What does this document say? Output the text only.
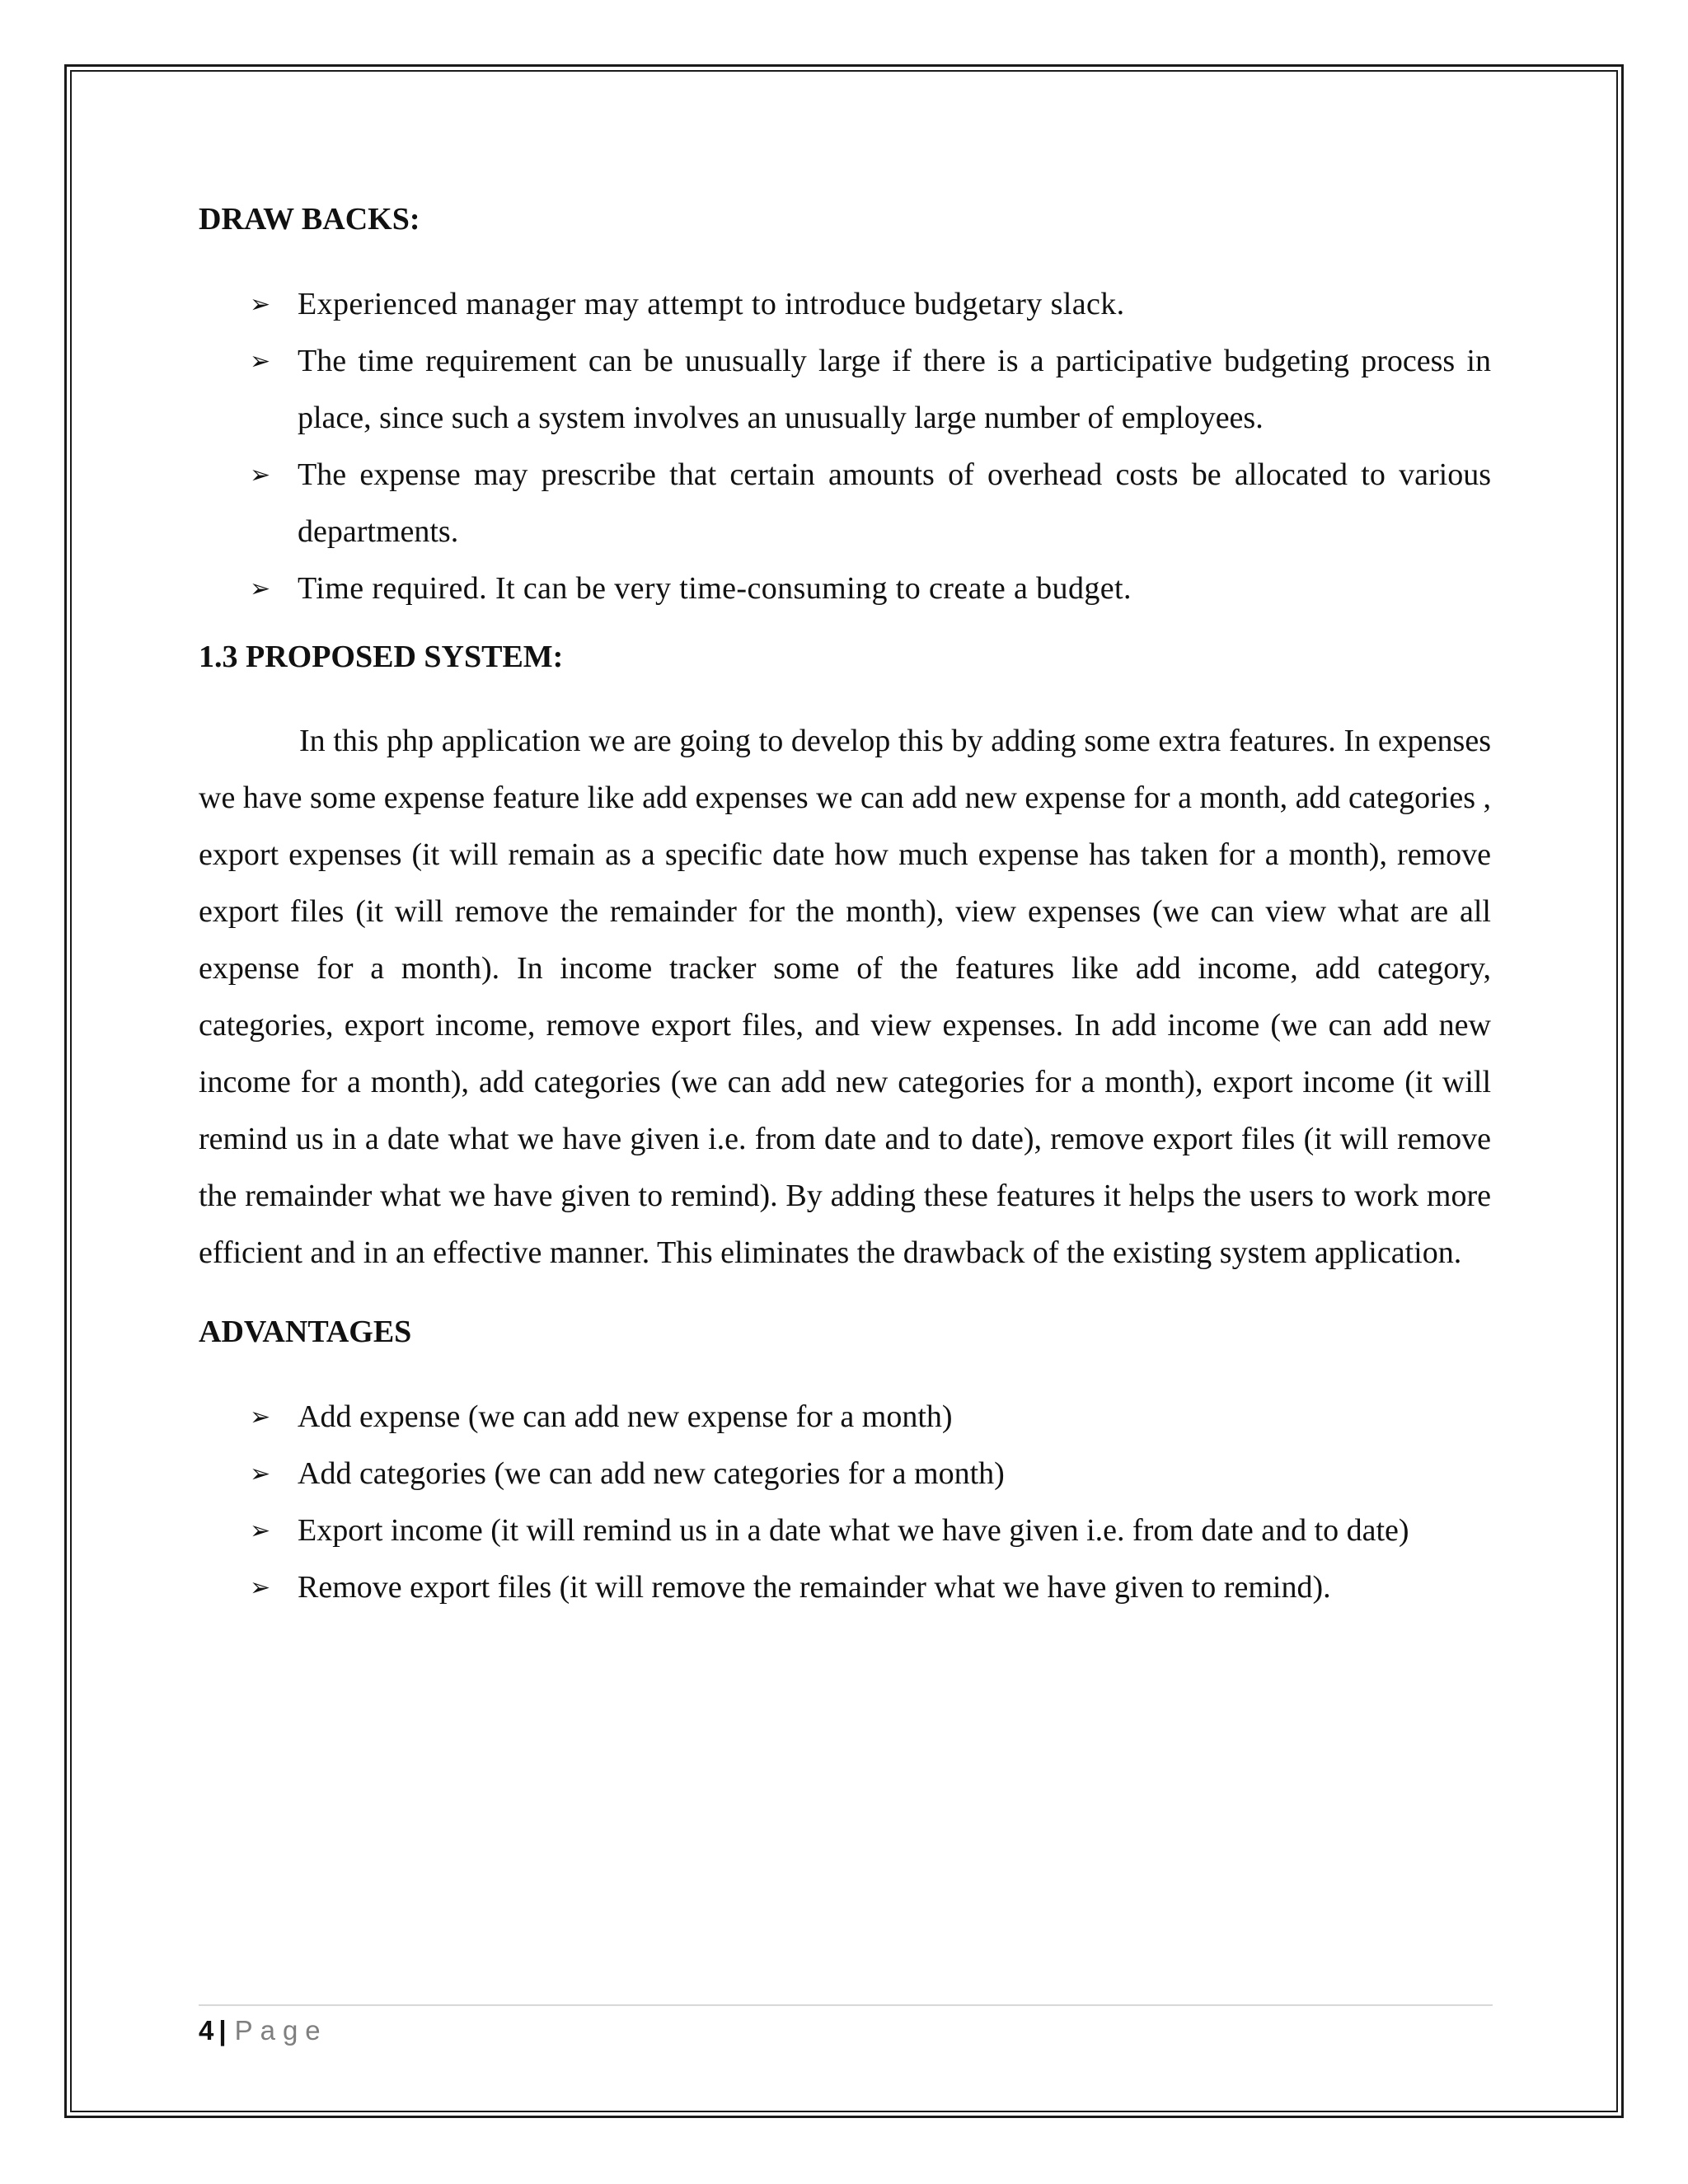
DRAW BACKS:
➢ Experienced manager may attempt to introduce budgetary slack.
➢ The time requirement can be unusually large if there is a participative budgeting process in place, since such a system involves an unusually large number of employees.
➢ The expense may prescribe that certain amounts of overhead costs be allocated to various departments.
➢ Time required. It can be very time-consuming to create a budget.
1.3 PROPOSED SYSTEM:

In this php application we are going to develop this by adding some extra features. In expenses we have some expense feature like add expenses we can add new expense for a month, add categories , export expenses (it will remain as a specific date how much expense has taken for a month), remove export files (it will remove the remainder for the month), view expenses (we can view what are all expense for a month). In income tracker some of the features like add income, add category, categories, export income, remove export files, and view expenses. In add income (we can add new income for a month), add categories (we can add new categories for a month), export income (it will remind us in a date what we have given i.e. from date and to date), remove export files (it will remove the remainder what we have given to remind). By adding these features it helps the users to work more efficient and in an effective manner. This eliminates the drawback of the existing system application.

ADVANTAGES
➢ Add expense (we can add new expense for a month)
➢ Add categories (we can add new categories for a month)
➢ Export income (it will remind us in a date what we have given i.e. from date and to date)
➢ Remove export files (it will remove the remainder what we have given to remind).
4 | Page
